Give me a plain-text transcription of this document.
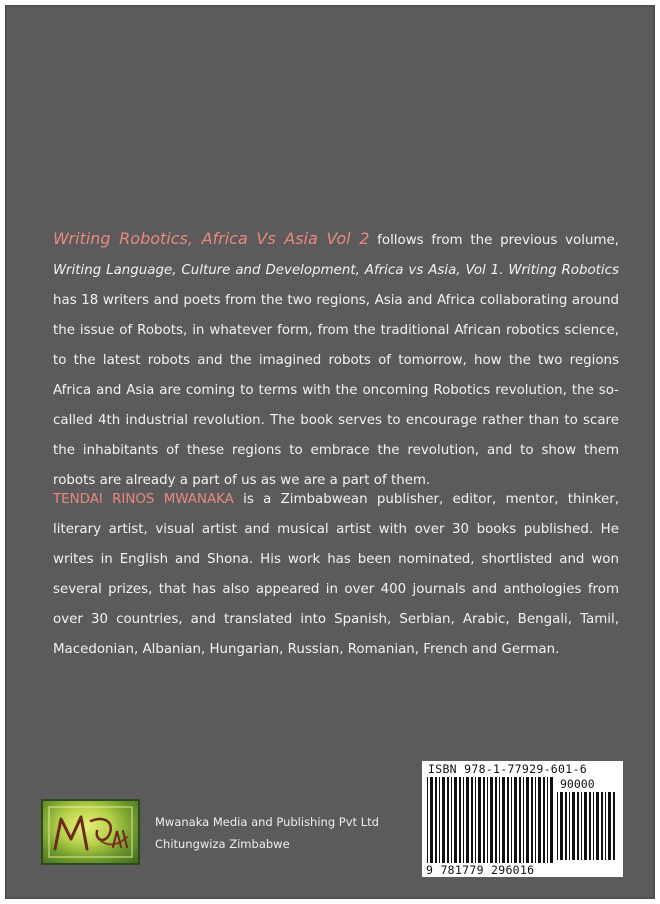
Writing Robotics, Africa Vs Asia Vol 2 follows from the previous volume, Writing Language, Culture and Development, Africa vs Asia, Vol 1. Writing Robotics has 18 writers and poets from the two regions, Asia and Africa collaborating around the issue of Robots, in whatever form, from the traditional African robotics science, to the latest robots and the imagined robots of tomorrow, how the two regions Africa and Asia are coming to terms with the oncoming Robotics revolution, the so-called 4th industrial revolution. The book serves to encourage rather than to scare the inhabitants of these regions to embrace the revolution, and to show them robots are already a part of us as we are a part of them.
TENDAI RINOS MWANAKA is a Zimbabwean publisher, editor, mentor, thinker, literary artist, visual artist and musical artist with over 30 books published. He writes in English and Shona. His work has been nominated, shortlisted and won several prizes, that has also appeared in over 400 journals and anthologies from over 30 countries, and translated into Spanish, Serbian, Arabic, Bengali, Tamil, Macedonian, Albanian, Hungarian, Russian, Romanian, French and German.
Mwanaka Media and Publishing Pvt Ltd
Chitungwiza Zimbabwe
ISBN 978-1-77929-601-6
9 781779 296016
90000
